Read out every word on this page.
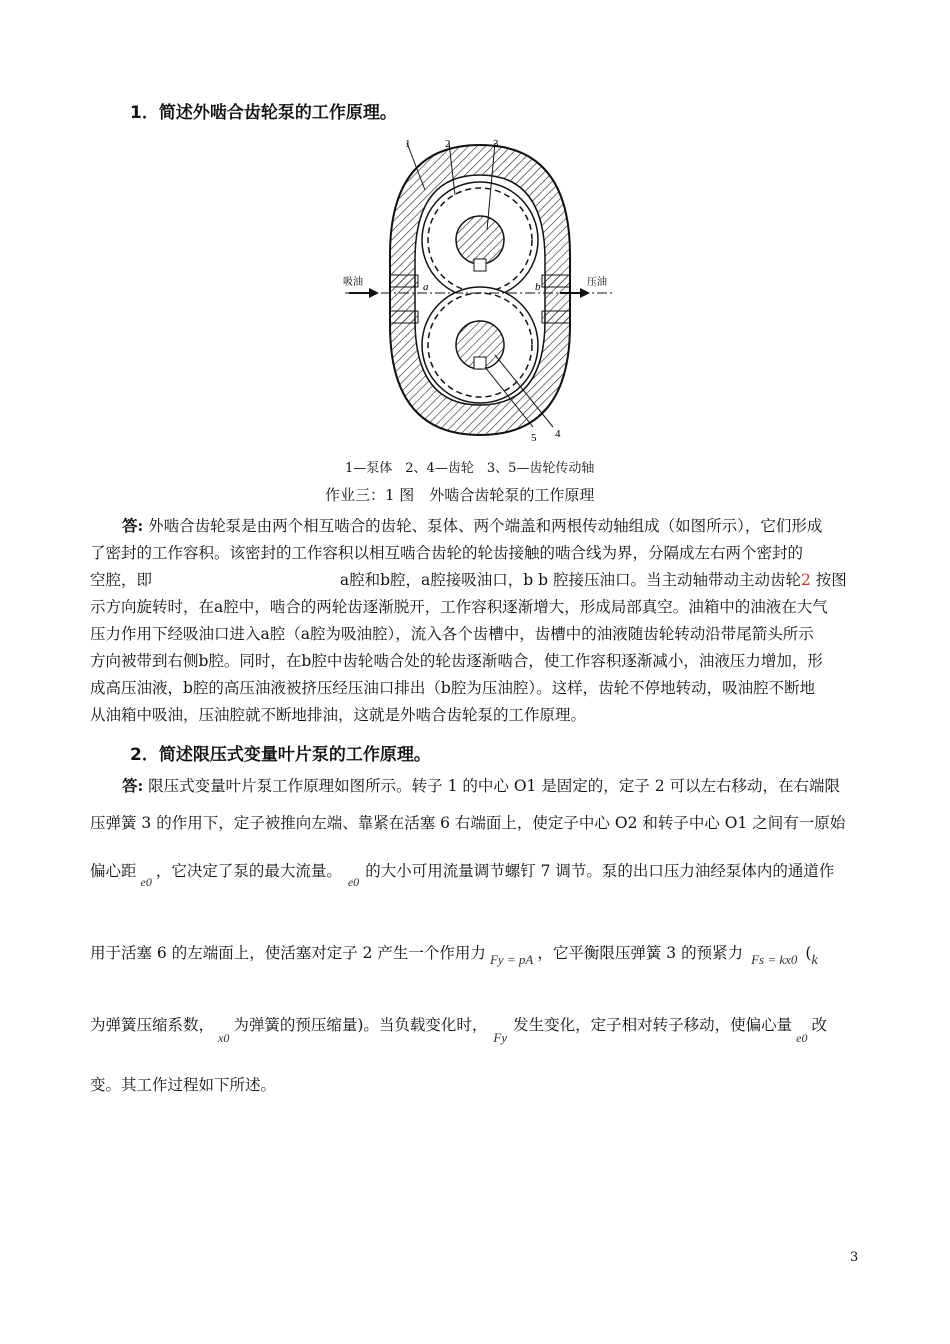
1．简述外啮合齿轮泵的工作原理。
1	2	3
4
5
a	b
吸油	压油
1—泵体　2、4—齿轮　3、5—齿轮传动轴
作业三：1 图　外啮合齿轮泵的工作原理
答: 外啮合齿轮泵是由两个相互啮合的齿轮、泵体、两个端盖和两根传动轴组成（如图所示），它们形成
了密封的工作容积。该密封的工作容积以相互啮合齿轮的轮齿接触的啮合线为界，分隔成左右两个密封的
空腔，即	a腔和b腔，a腔接吸油口，b b 腔接压油口。当主动轴带动主动齿轮2 按图
示方向旋转时，在a腔中，啮合的两轮齿逐渐脱开，工作容积逐渐增大，形成局部真空。油箱中的油液在大气
压力作用下经吸油口进入a腔（a腔为吸油腔），流入各个齿槽中，齿槽中的油液随齿轮转动沿带尾箭头所示
方向被带到右侧b腔。同时，在b腔中齿轮啮合处的轮齿逐渐啮合，使工作容积逐渐减小，油液压力增加，形
成高压油液，b腔的高压油液被挤压经压油口排出（b腔为压油腔）。这样，齿轮不停地转动，吸油腔不断地
从油箱中吸油，压油腔就不断地排油，这就是外啮合齿轮泵的工作原理。
2．简述限压式变量叶片泵的工作原理。
答: 限压式变量叶片泵工作原理如图所示。转子 1 的中心 O1 是固定的，定子 2 可以左右移动，在右端限
压弹簧 3 的作用下，定子被推向左端、靠紧在活塞 6 右端面上，使定子中心 O2 和转子中心 O1 之间有一原始
偏心距$_{e0}$，它决定了泵的最大流量。$_{e0}$的大小可用流量调节螺钉 7 调节。泵的出口压力油经泵体内的通道作
用于活塞 6 的左端面上，使活塞对定子 2 产生一个作用力 $_{Fy = pA}$ ，它平衡限压弹簧 3 的预紧力 $_{Fs = kx0}$ (k
为弹簧压缩系数，$_{x0}$为弹簧的预压缩量)。当负载变化时，$_{Fy}$发生变化，定子相对转子移动，使偏心量$_{e0}$改
变。其工作过程如下所述。
3
